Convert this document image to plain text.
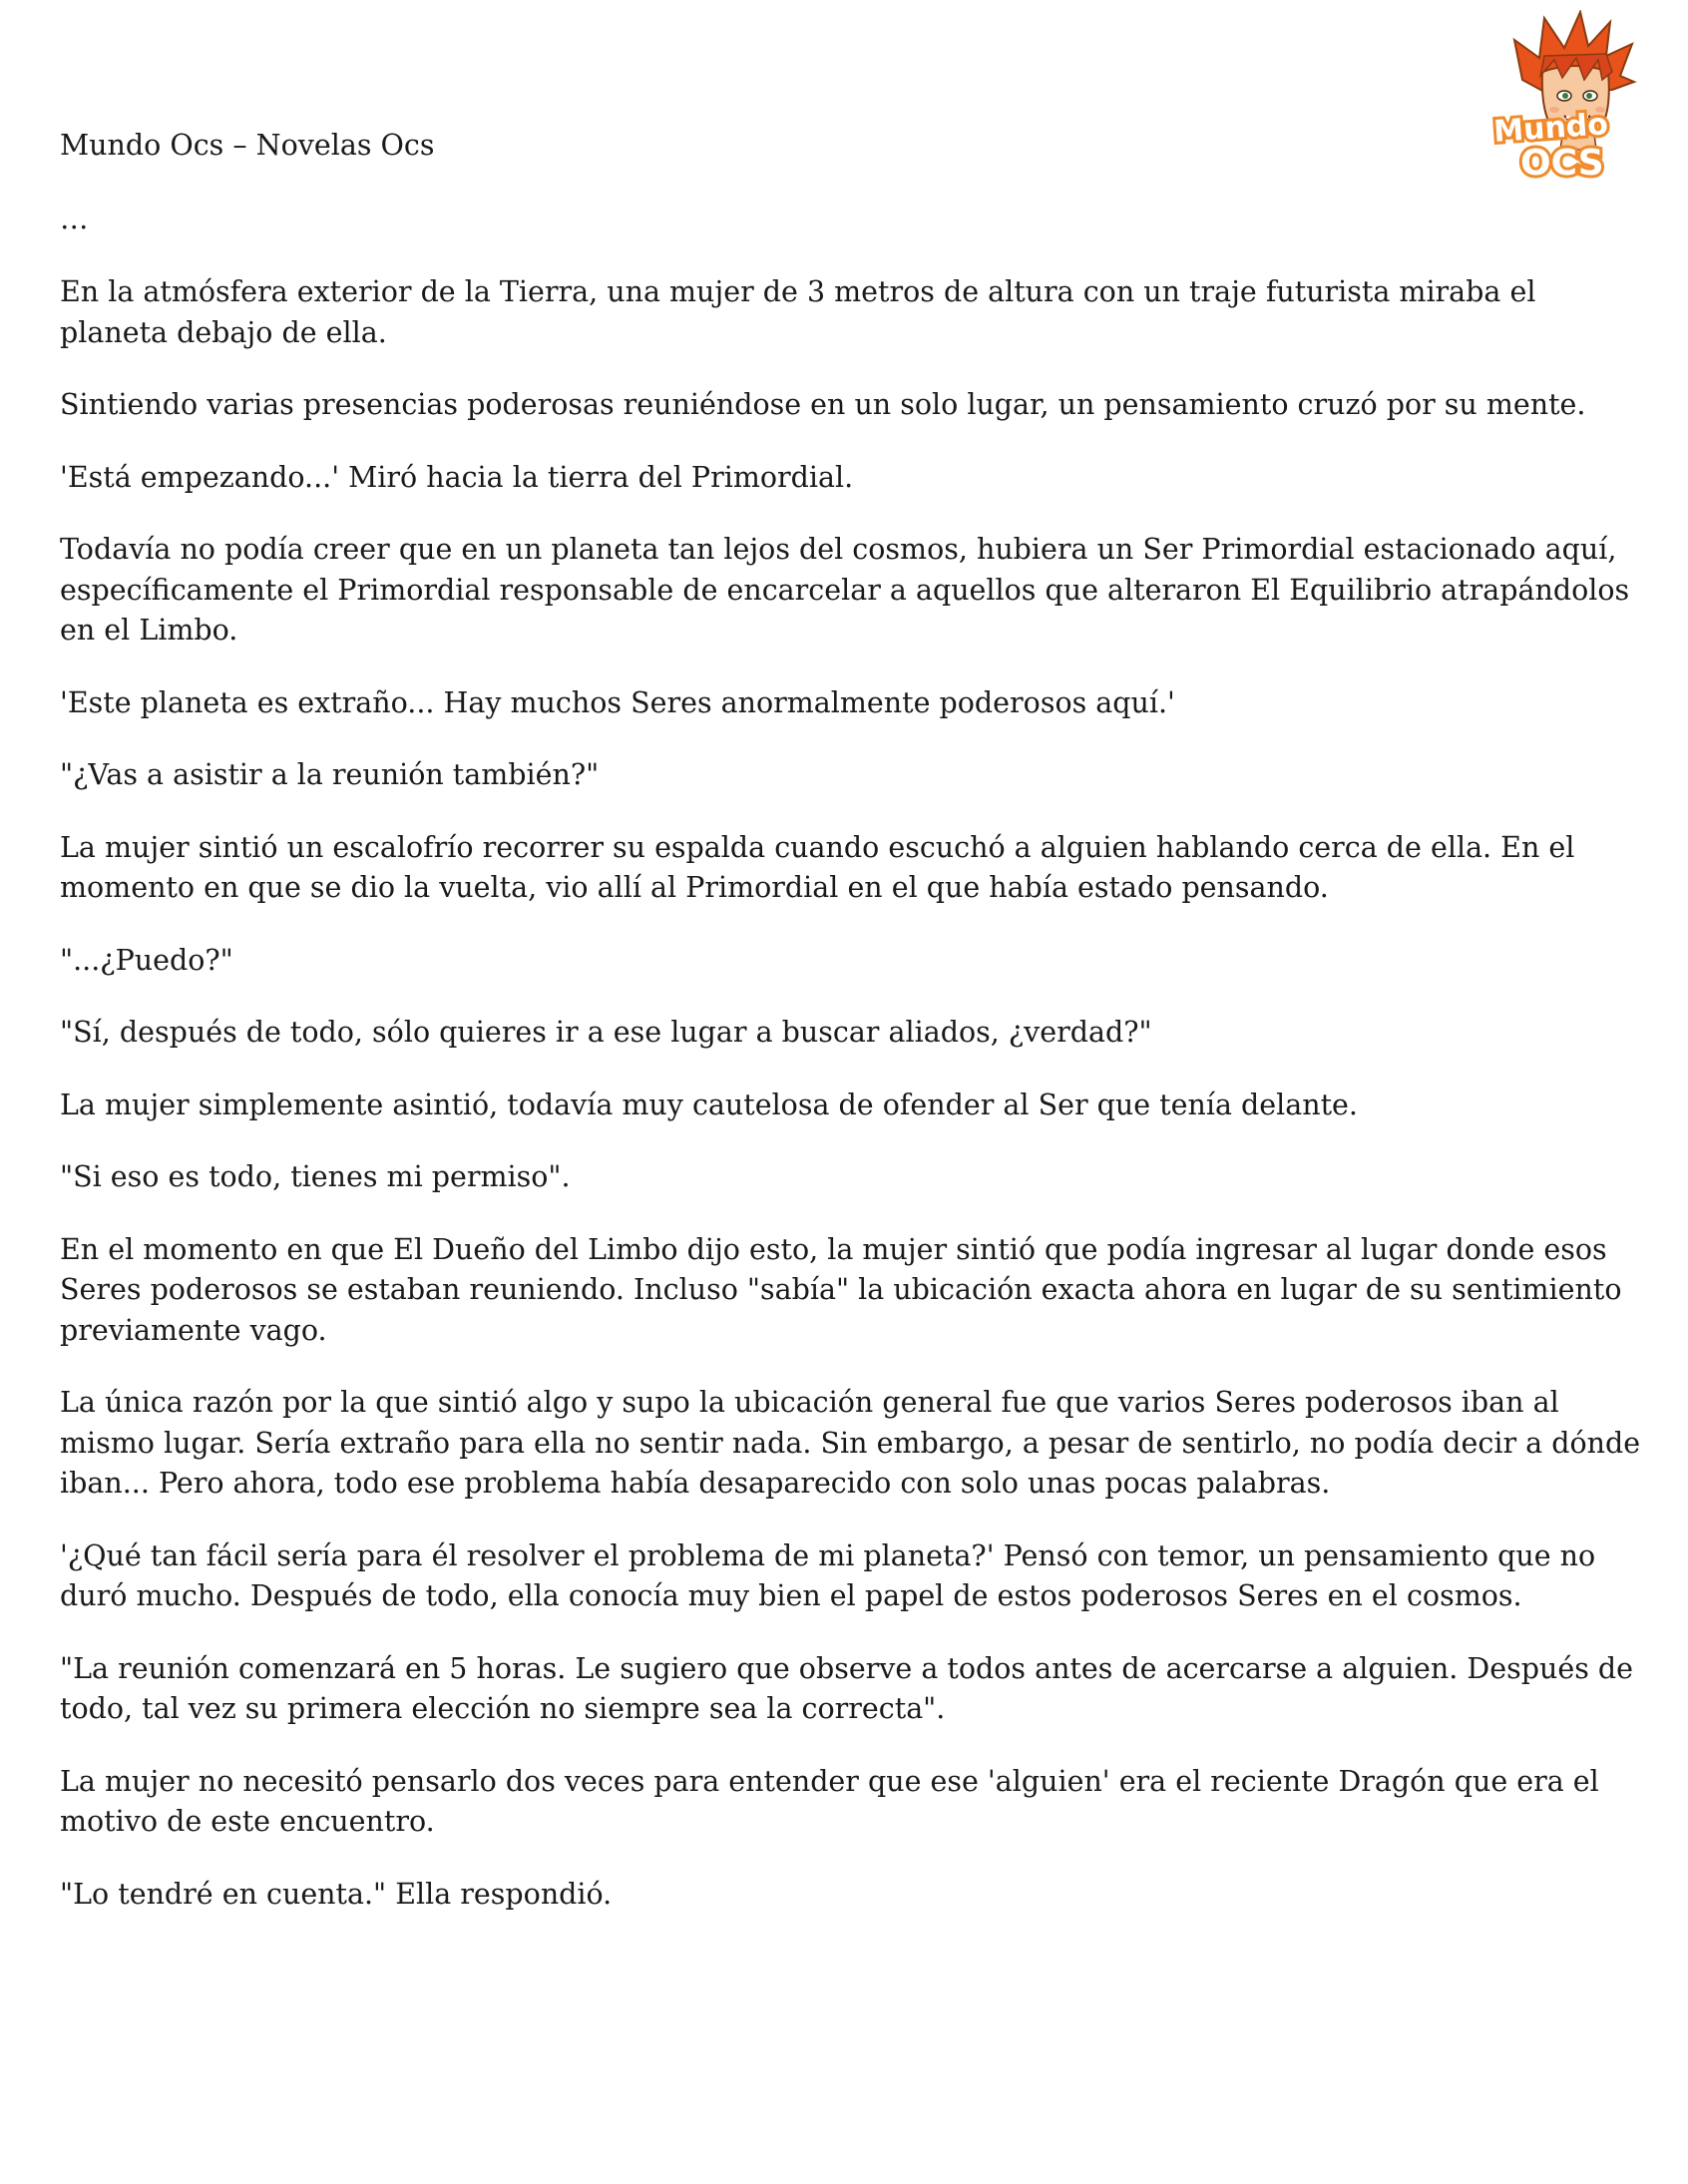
Mundo
OCS

Mundo Ocs – Novelas Ocs

…

En la atmósfera exterior de la Tierra, una mujer de 3 metros de altura con un traje futurista miraba el planeta debajo de ella.

Sintiendo varias presencias poderosas reuniéndose en un solo lugar, un pensamiento cruzó por su mente.

'Está empezando...' Miró hacia la tierra del Primordial.

Todavía no podía creer que en un planeta tan lejos del cosmos, hubiera un Ser Primordial estacionado aquí, específicamente el Primordial responsable de encarcelar a aquellos que alteraron El Equilibrio atrapándolos en el Limbo.

'Este planeta es extraño... Hay muchos Seres anormalmente poderosos aquí.'

"¿Vas a asistir a la reunión también?"

La mujer sintió un escalofrío recorrer su espalda cuando escuchó a alguien hablando cerca de ella. En el momento en que se dio la vuelta, vio allí al Primordial en el que había estado pensando.

"...¿Puedo?"

"Sí, después de todo, sólo quieres ir a ese lugar a buscar aliados, ¿verdad?"

La mujer simplemente asintió, todavía muy cautelosa de ofender al Ser que tenía delante.

"Si eso es todo, tienes mi permiso".

En el momento en que El Dueño del Limbo dijo esto, la mujer sintió que podía ingresar al lugar donde esos Seres poderosos se estaban reuniendo. Incluso "sabía" la ubicación exacta ahora en lugar de su sentimiento previamente vago.

La única razón por la que sintió algo y supo la ubicación general fue que varios Seres poderosos iban al mismo lugar. Sería extraño para ella no sentir nada. Sin embargo, a pesar de sentirlo, no podía decir a dónde iban... Pero ahora, todo ese problema había desaparecido con solo unas pocas palabras.

'¿Qué tan fácil sería para él resolver el problema de mi planeta?' Pensó con temor, un pensamiento que no duró mucho. Después de todo, ella conocía muy bien el papel de estos poderosos Seres en el cosmos.

"La reunión comenzará en 5 horas. Le sugiero que observe a todos antes de acercarse a alguien. Después de todo, tal vez su primera elección no siempre sea la correcta".

La mujer no necesitó pensarlo dos veces para entender que ese 'alguien' era el reciente Dragón que era el motivo de este encuentro.

"Lo tendré en cuenta." Ella respondió.
